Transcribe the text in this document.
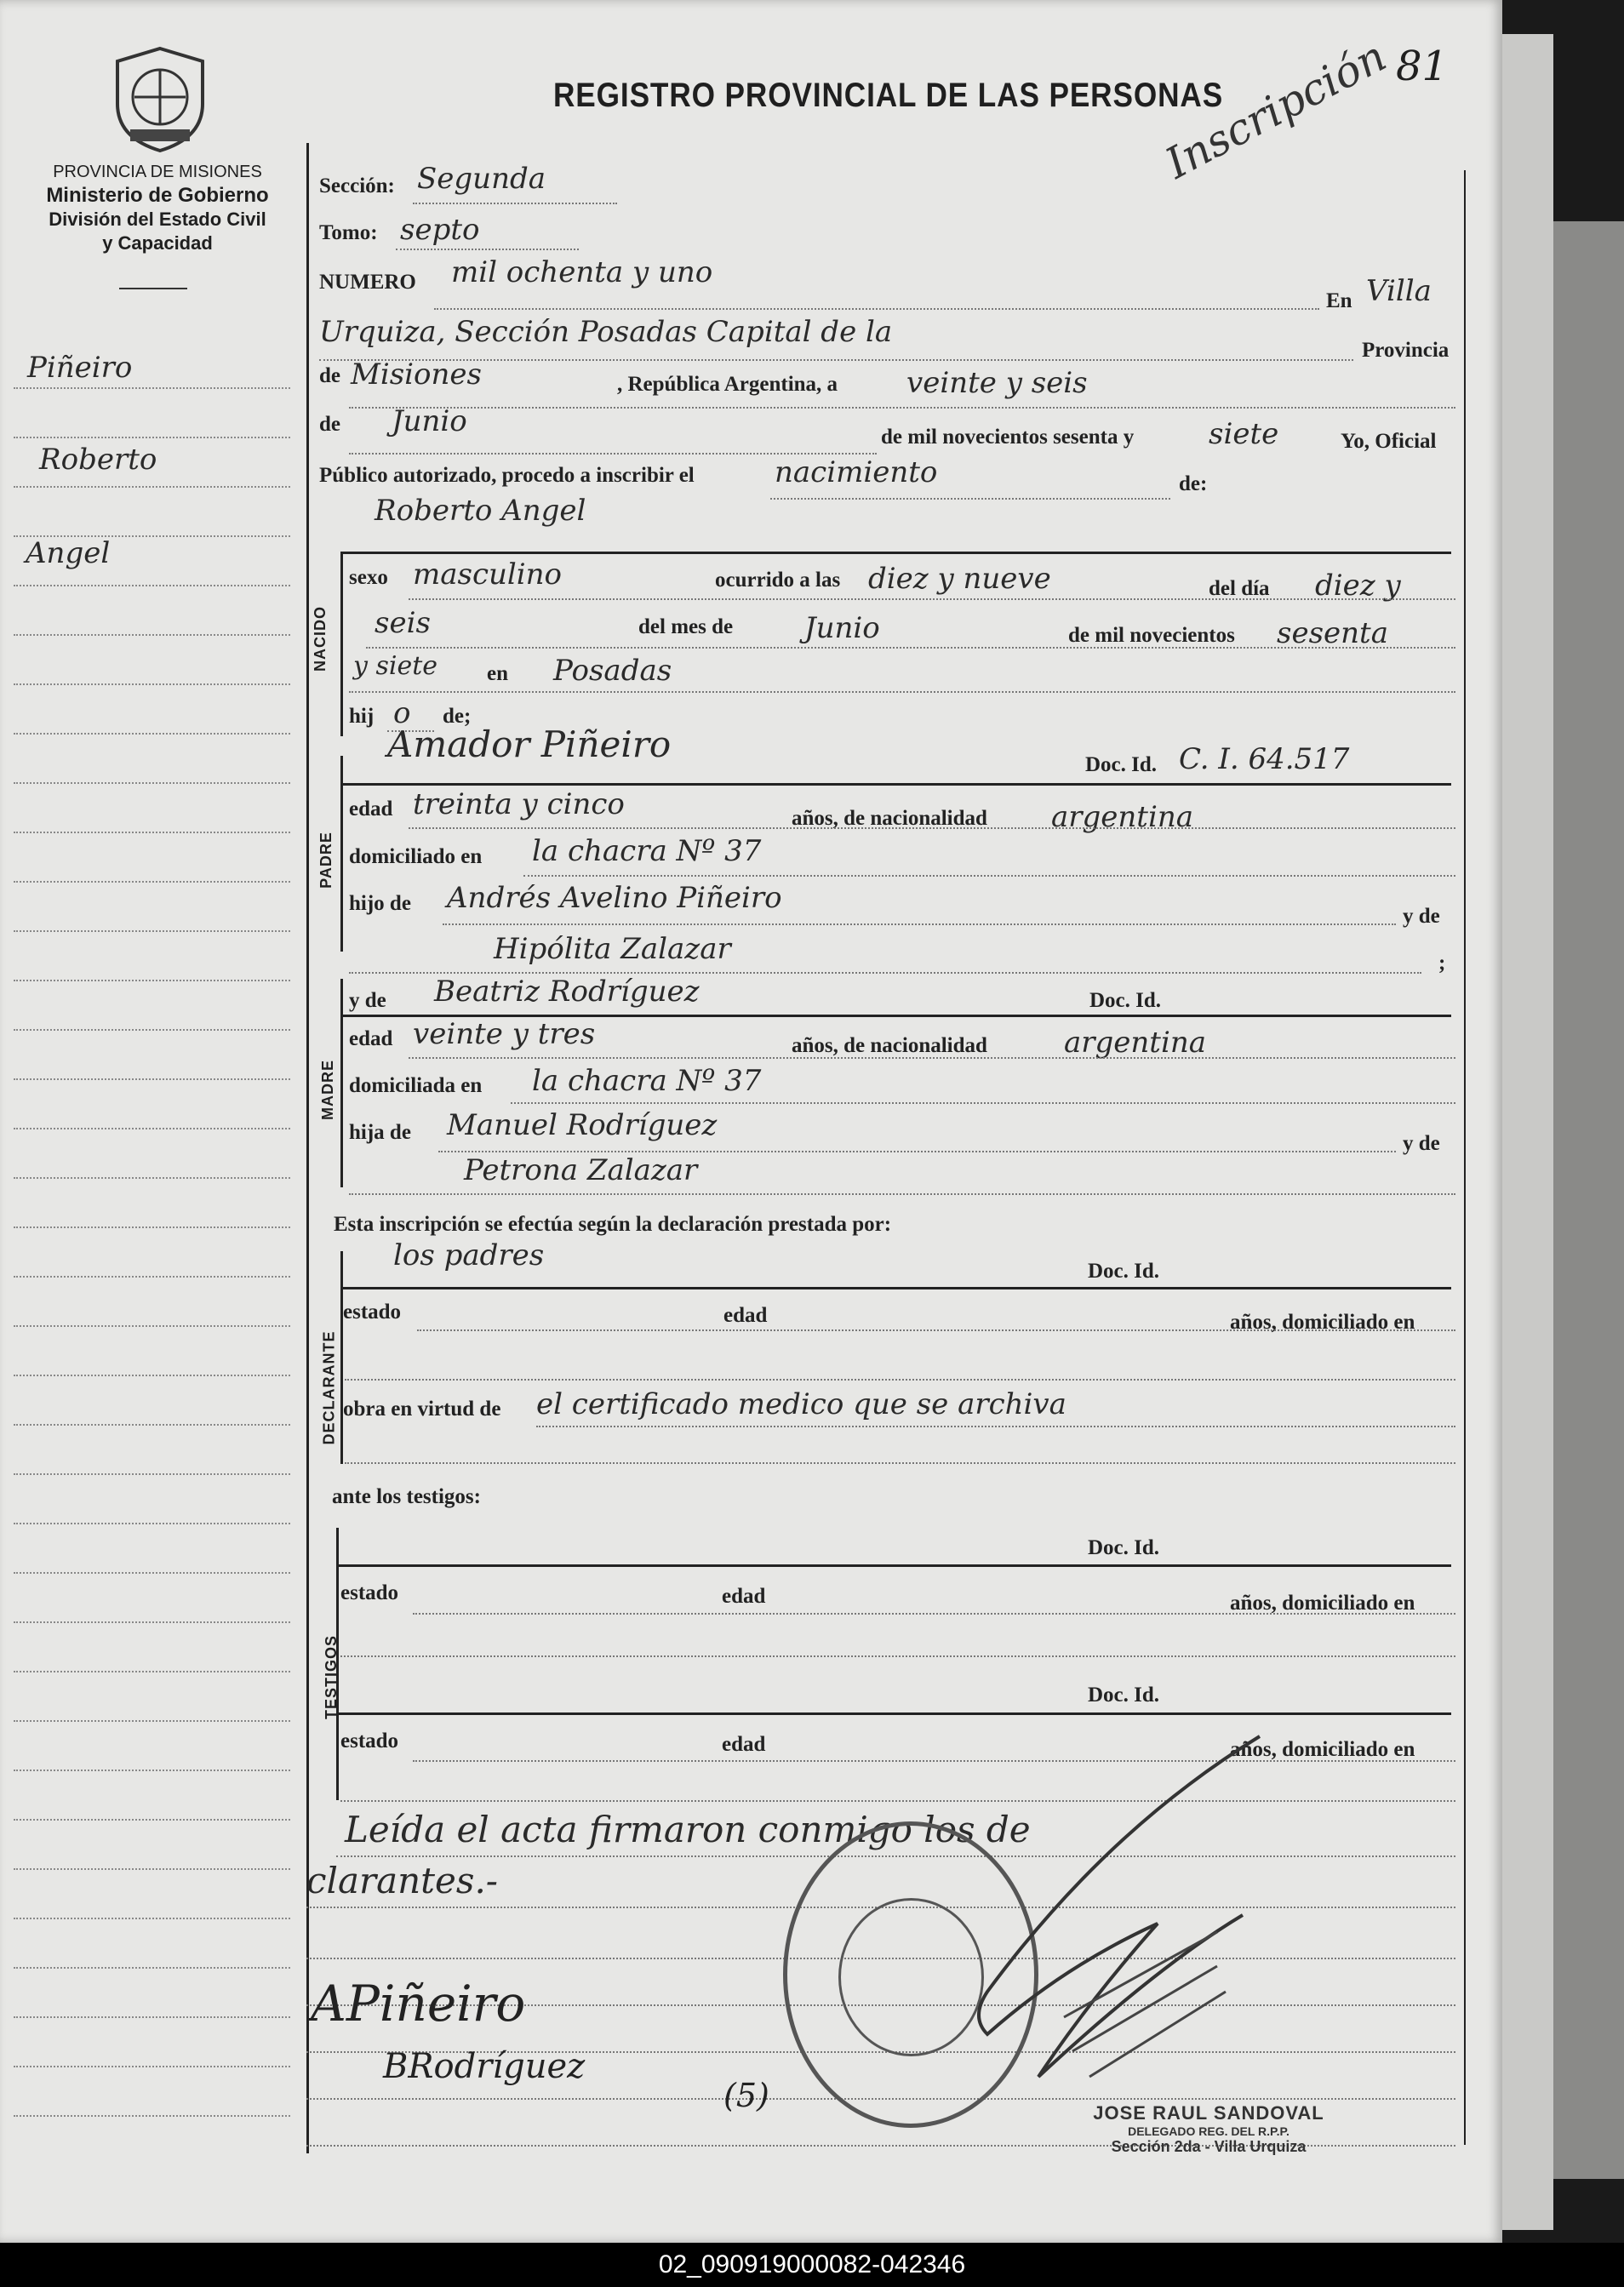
PROVINCIA DE MISIONES
Ministerio de Gobierno
División del Estado Civil
y Capacidad
REGISTRO PROVINCIAL DE LAS PERSONAS
81
Inscripción
Piñeiro
Roberto
Angel
Sección: Segunda
Tomo: septo
NUMERO mil ochenta y uno
En Villa
Urquiza, Sección Posadas Capital de la
Provincia
de Misiones	, República Argentina, a veinte y seis
de Junio	de mil novecientos sesenta y	siete	Yo, Oficial
Público autorizado, procedo a inscribir el	nacimiento	de:
Roberto Angel
NACIDO
sexo masculino	ocurrido a las diez y nueve	del día diez y
seis	del mes de Junio	de mil novecientos sesenta
y siete en Posadas
hij o de;
PADRE
Amador Piñeiro	Doc. Id. C. I. 64.517
edad treinta y cinco	años, de nacionalidad argentina
domiciliado en la chacra Nº 37
hijo de Andrés Avelino Piñeiro
y de
Hipólita Zalazar	;
MADRE
y de Beatriz Rodríguez	Doc. Id.
edad veinte y tres	años, de nacionalidad	argentina
domiciliada en la chacra Nº 37
hija de Manuel Rodríguez
y de
Petrona Zalazar
Esta inscripción se efectúa según la declaración prestada por:
DECLARANTE
los padres	Doc. Id.
estado	edad	años, domiciliado en
obra en virtud de el certificado medico que se archiva
ante los testigos:
TESTIGOS
Doc. Id.
estado	edad	años, domiciliado en
Doc. Id.
estado	edad	años, domiciliado en
Leída el acta firmaron conmigo los de
clarantes.-
APiñeiro
BRodríguez
(5)	JOSE RAUL SANDOVAL
DELEGADO REG. DEL R.P.P.
Sección 2da - Villa Urquiza
02_090919000082-042346
